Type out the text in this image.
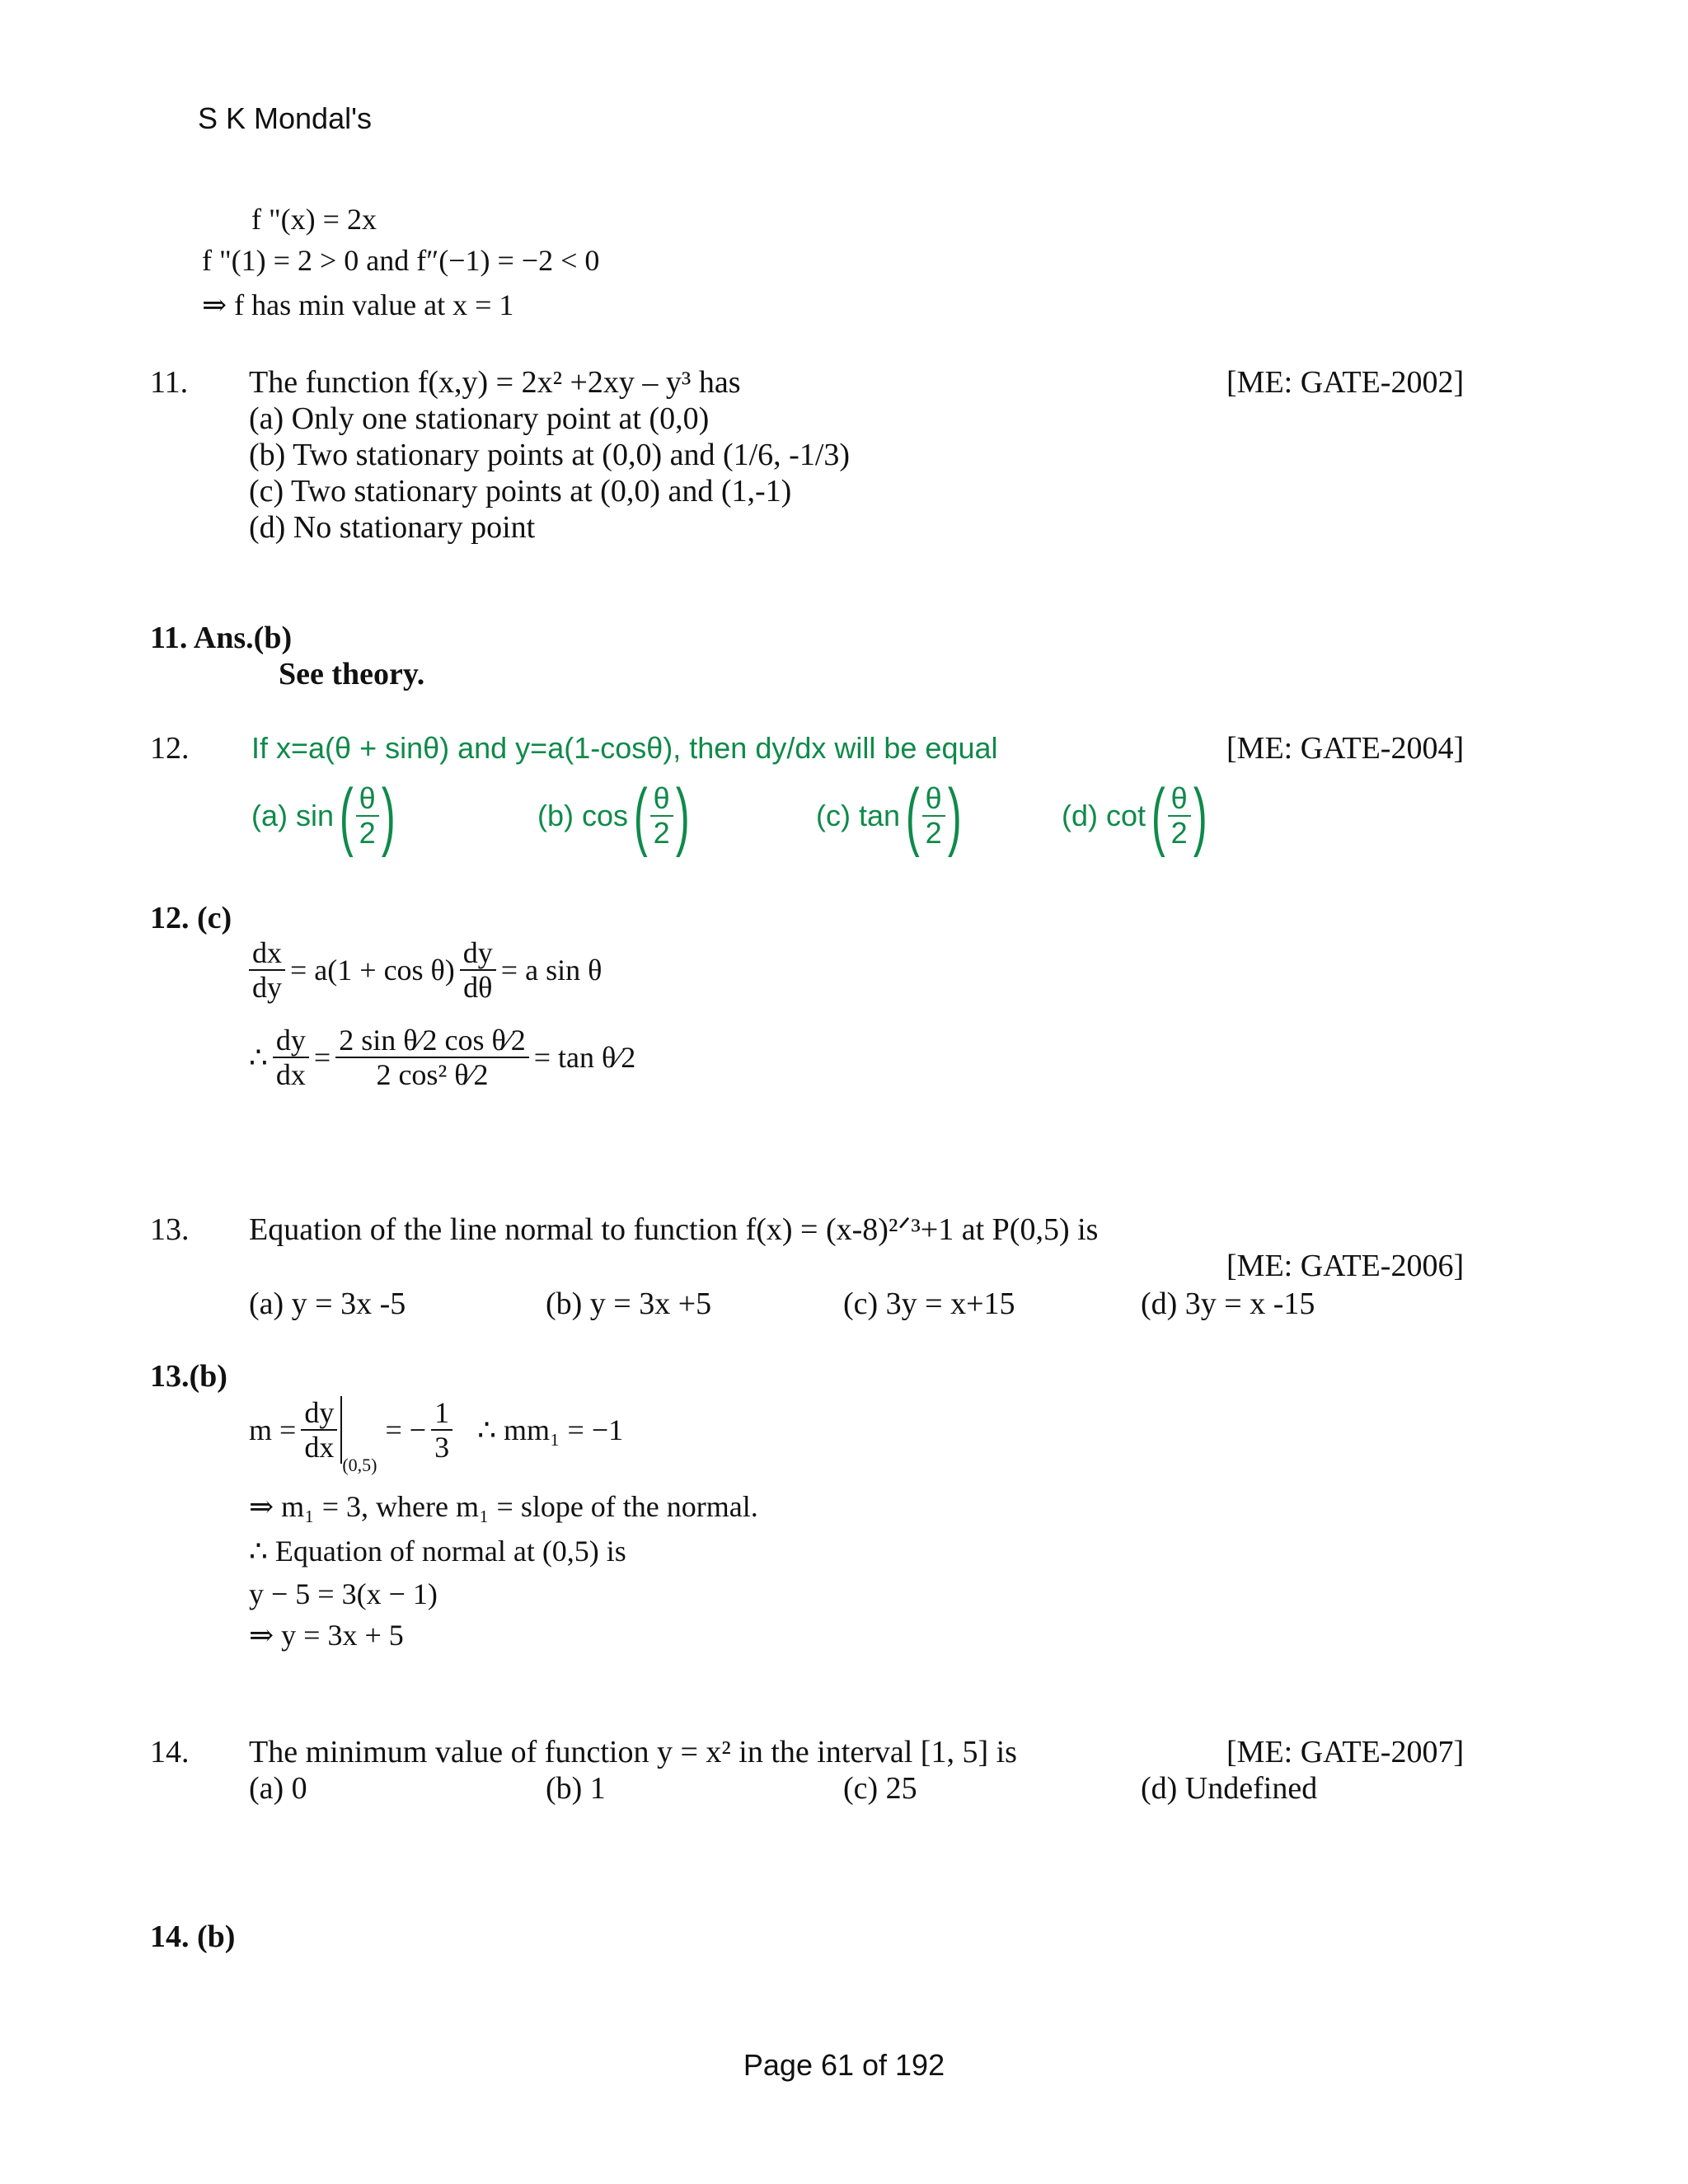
S K Mondal's
f "(x) = 2x
f "(1) = 2 > 0 and f″(−1) = −2 < 0
⇒ f has min value at x = 1
11. The function f(x,y) = 2x² +2xy – y³ has	[ME: GATE-2002]
(a) Only one stationary point at (0,0)
(b) Two stationary points at (0,0) and (1/6, -1/3)
(c) Two stationary points at (0,0) and (1,-1)
(d) No stationary point
11. Ans.(b)
See theory.
12. If x=a(θ + sinθ) and y=a(1-cosθ), then dy/dx will be equal	[ME: GATE-2004]
(a) sin ( $\frac{\theta}{2}$ )	(b) cos ( $\frac{\theta}{2}$ )	(c) tan ( $\frac{\theta}{2}$ )	(d) cot ( $\frac{\theta}{2}$ )
12. (c)
$\frac{dx}{dy} = a(1 + \cos \theta) \frac{dy}{d\theta} = a$ sin θ
∴ $\frac{dy}{dx} = \frac{\text{2 sin θ⁄2 cos θ⁄2}}{\text{2 cos² θ⁄2}} = \tan$ θ⁄2
13. Equation of the line normal to function f(x) = (x-8)²ᐟ³+1 at P(0,5) is
[ME: GATE-2006]
(a) y = 3x -5	(b) y = 3x +5	(c) 3y = x+15	(d) 3y = x -15
13.(b)
$m = \frac{dy}{dx}$
(0,5)
= − $\frac{1}{3}$ ∴ mm₁ = −1
⇒ m₁ = 3, where m₁ = slope of the normal.
∴ Equation of normal at (0,5) is
y − 5 = 3(x − 1)
⇒ y = 3x + 5
14. The minimum value of function y = x² in the interval [1, 5] is	[ME: GATE-2007]
(a) 0	(b) 1	(c) 25	(d) Undefined
14. (b)
Page 61 of 192
